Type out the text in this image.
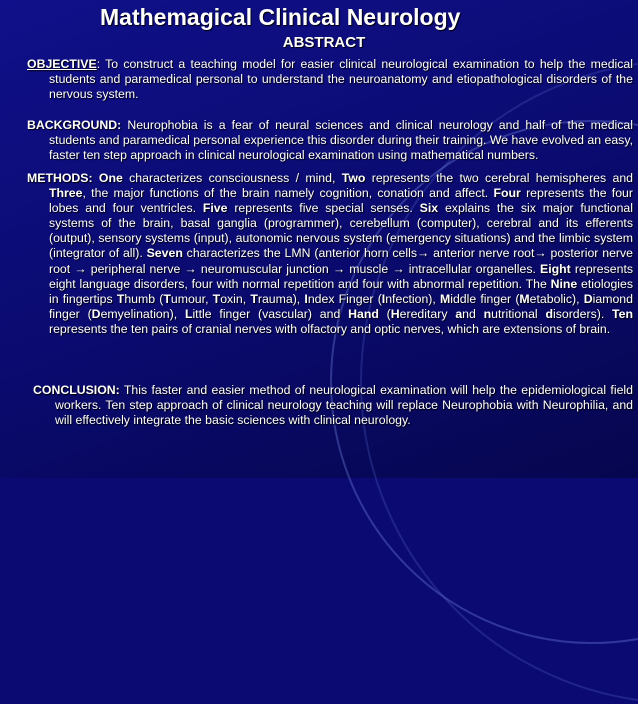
Mathemagical Clinical Neurology
ABSTRACT
OBJECTIVE: To construct a teaching model for easier clinical neurological examination to help the medical students and paramedical personal to understand the neuroanatomy and etiopathological disorders of the nervous system.
BACKGROUND: Neurophobia is a fear of neural sciences and clinical neurology and half of the medical students and paramedical personal experience this disorder during their training. We have evolved an easy, faster ten step approach in clinical neurological examination using mathematical numbers.
METHODS: One characterizes consciousness / mind, Two represents the two cerebral hemispheres and Three, the major functions of the brain namely cognition, conation and affect. Four represents the four lobes and four ventricles. Five represents five special senses. Six explains the six major functional systems of the brain, basal ganglia (programmer), cerebellum (computer), cerebral and its efferents (output), sensory systems (input), autonomic nervous system (emergency situations) and the limbic system (integrator of all). Seven characterizes the LMN (anterior horn cells→ anterior nerve root→ posterior nerve root → peripheral nerve → neuromuscular junction → muscle → intracellular organelles. Eight represents eight language disorders, four with normal repetition and four with abnormal repetition. The Nine etiologies in fingertips Thumb (Tumour, Toxin, Trauma), Index Finger (Infection), Middle finger (Metabolic), Diamond finger (Demyelination), Little finger (vascular) and Hand (Hereditary and nutritional disorders). Ten represents the ten pairs of cranial nerves with olfactory and optic nerves, which are extensions of brain.
CONCLUSION: This faster and easier method of neurological examination will help the epidemiological field workers. Ten step approach of clinical neurology teaching will replace Neurophobia with Neurophilia, and will effectively integrate the basic sciences with clinical neurology.
